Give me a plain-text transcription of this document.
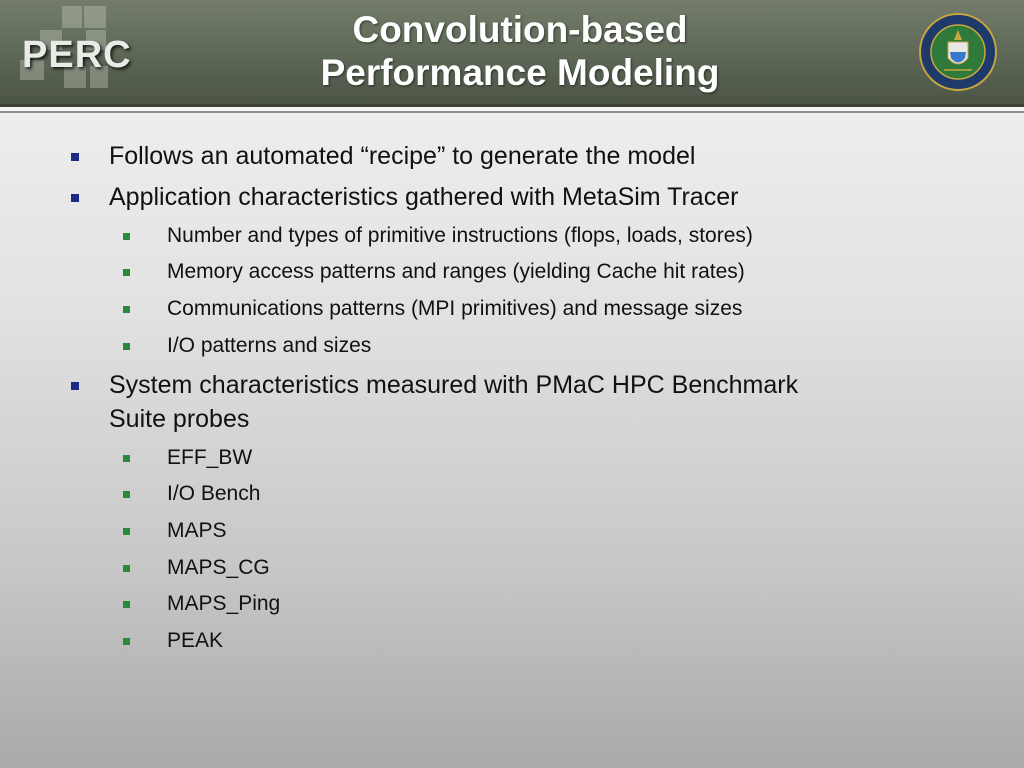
PERC
Convolution-based
Performance Modeling
Follows an automated “recipe” to generate the model
Application characteristics gathered with MetaSim Tracer
Number and types of primitive instructions (flops, loads, stores)
Memory access patterns and ranges (yielding Cache hit rates)
Communications patterns (MPI primitives) and message sizes
I/O patterns and sizes
System characteristics measured with PMaC HPC Benchmark
Suite probes
EFF_BW
I/O Bench
MAPS
MAPS_CG
MAPS_Ping
PEAK
